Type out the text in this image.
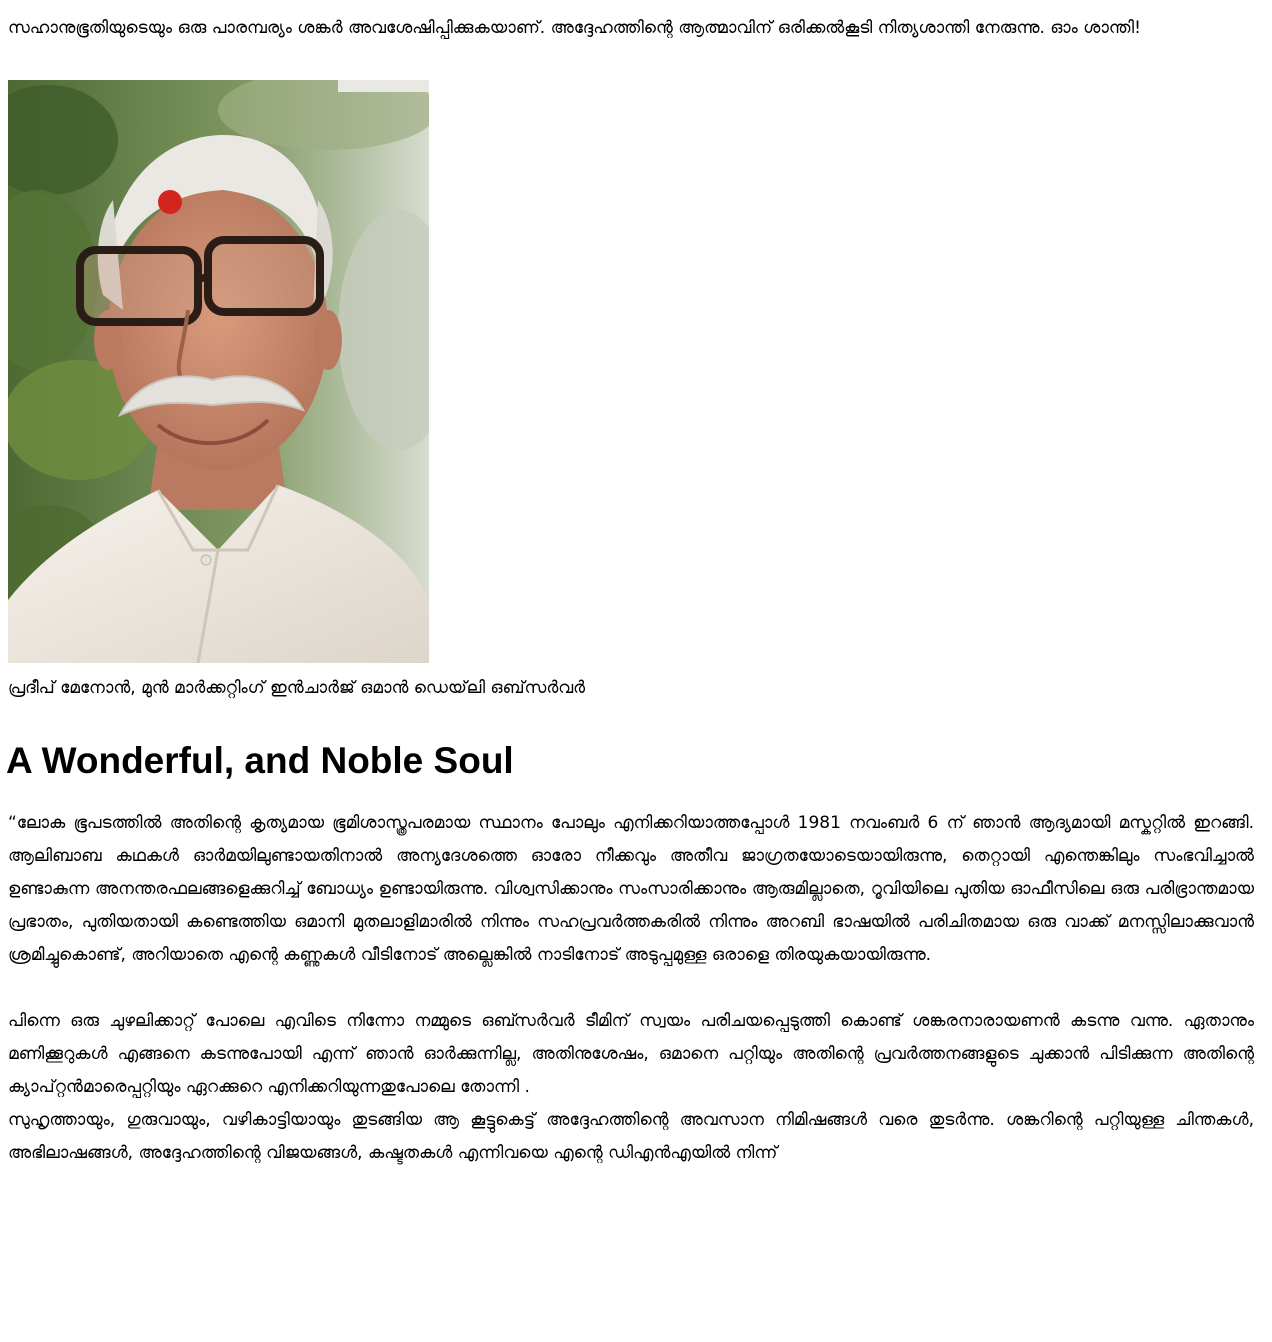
സഹാനുഭൂതിയുടെയും ഒരു പാരമ്പര്യം ശങ്കർ അവശേഷിപ്പിക്കുകയാണ്. അദ്ദേഹത്തിന്റെ ആത്മാവിന് ഒരിക്കൽകൂടി നിത്യശാന്തി നേരുന്നു. ഓം ശാന്തി!

പ്രദീപ് മേനോൻ, മുൻ മാർക്കറ്റിംഗ് ഇൻചാർജ് ഒമാൻ ഡെയ്‌ലി ഒബ്‌സർവർ
A Wonderful, and Noble Soul

“ലോക ഭൂപടത്തിൽ അതിന്റെ കൃത്യമായ ഭൂമിശാസ്ത്രപരമായ സ്ഥാനം പോലും എനിക്കറിയാത്തപ്പോൾ 1981 നവംബർ 6 ന് ഞാൻ ആദ്യമായി മസ്കറ്റിൽ ഇറങ്ങി. ആലിബാബ കഥകൾ ഓർമയിലുണ്ടായതിനാൽ അന്യദേശത്തെ ഓരോ നീക്കവും അതീവ ജാഗ്രതയോടെയായിരുന്നു, തെറ്റായി എന്തെങ്കിലും സംഭവിച്ചാൽ ഉണ്ടാകുന്ന അനന്തരഫലങ്ങളെക്കുറിച്ച് ബോധ്യം ഉണ്ടായിരുന്നു. വിശ്വസിക്കാനും സംസാരിക്കാനും ആരുമില്ലാതെ, റൂവിയിലെ പുതിയ ഓഫീസിലെ ഒരു പരിഭ്രാന്തമായ പ്രഭാതം, പുതിയതായി കണ്ടെത്തിയ ഒമാനി മുതലാളിമാരിൽ നിന്നും സഹപ്രവർത്തകരിൽ നിന്നും അറബി ഭാഷയിൽ പരിചിതമായ ഒരു വാക്ക് മനസ്സിലാക്കുവാൻ ശ്രമിച്ചുകൊണ്ട്, അറിയാതെ എന്റെ കണ്ണുകൾ വീടിനോട് അല്ലെങ്കിൽ നാടിനോട് അടുപ്പമുള്ള ഒരാളെ തിരയുകയായിരുന്നു.

പിന്നെ ഒരു ചുഴലിക്കാറ്റ് പോലെ എവിടെ നിന്നോ നമ്മുടെ ഒബ്സർവർ ടീമിന് സ്വയം പരിചയപ്പെടുത്തി കൊണ്ട് ശങ്കരനാരായണൻ കടന്നു വന്നു. ഏതാനും മണിക്കൂറുകൾ എങ്ങനെ കടന്നുപോയി എന്ന് ഞാൻ ഓർക്കുന്നില്ല, അതിനുശേഷം, ഒമാനെ പറ്റിയും അതിന്റെ പ്രവർത്തനങ്ങളുടെ ചുക്കാൻ പിടിക്കുന്ന അതിന്റെ ക്യാപ്റ്റൻമാരെപ്പറ്റിയും ഏറക്കുറെ എനിക്കറിയുന്നതുപോലെ തോന്നി .

സുഹൃത്തായും, ഗുരുവായും, വഴികാട്ടിയായും തുടങ്ങിയ ആ കൂട്ടുകെട്ട് അദ്ദേഹത്തിന്റെ അവസാന നിമിഷങ്ങൾ വരെ തുടർന്നു. ശങ്കറിന്റെ പറ്റിയുള്ള ചിന്തകൾ, അഭിലാഷങ്ങൾ, അദ്ദേഹത്തിന്റെ വിജയങ്ങൾ, കഷ്ടതകൾ എന്നിവയെ എന്റെ ഡിഎൻഎയിൽ നിന്ന്
